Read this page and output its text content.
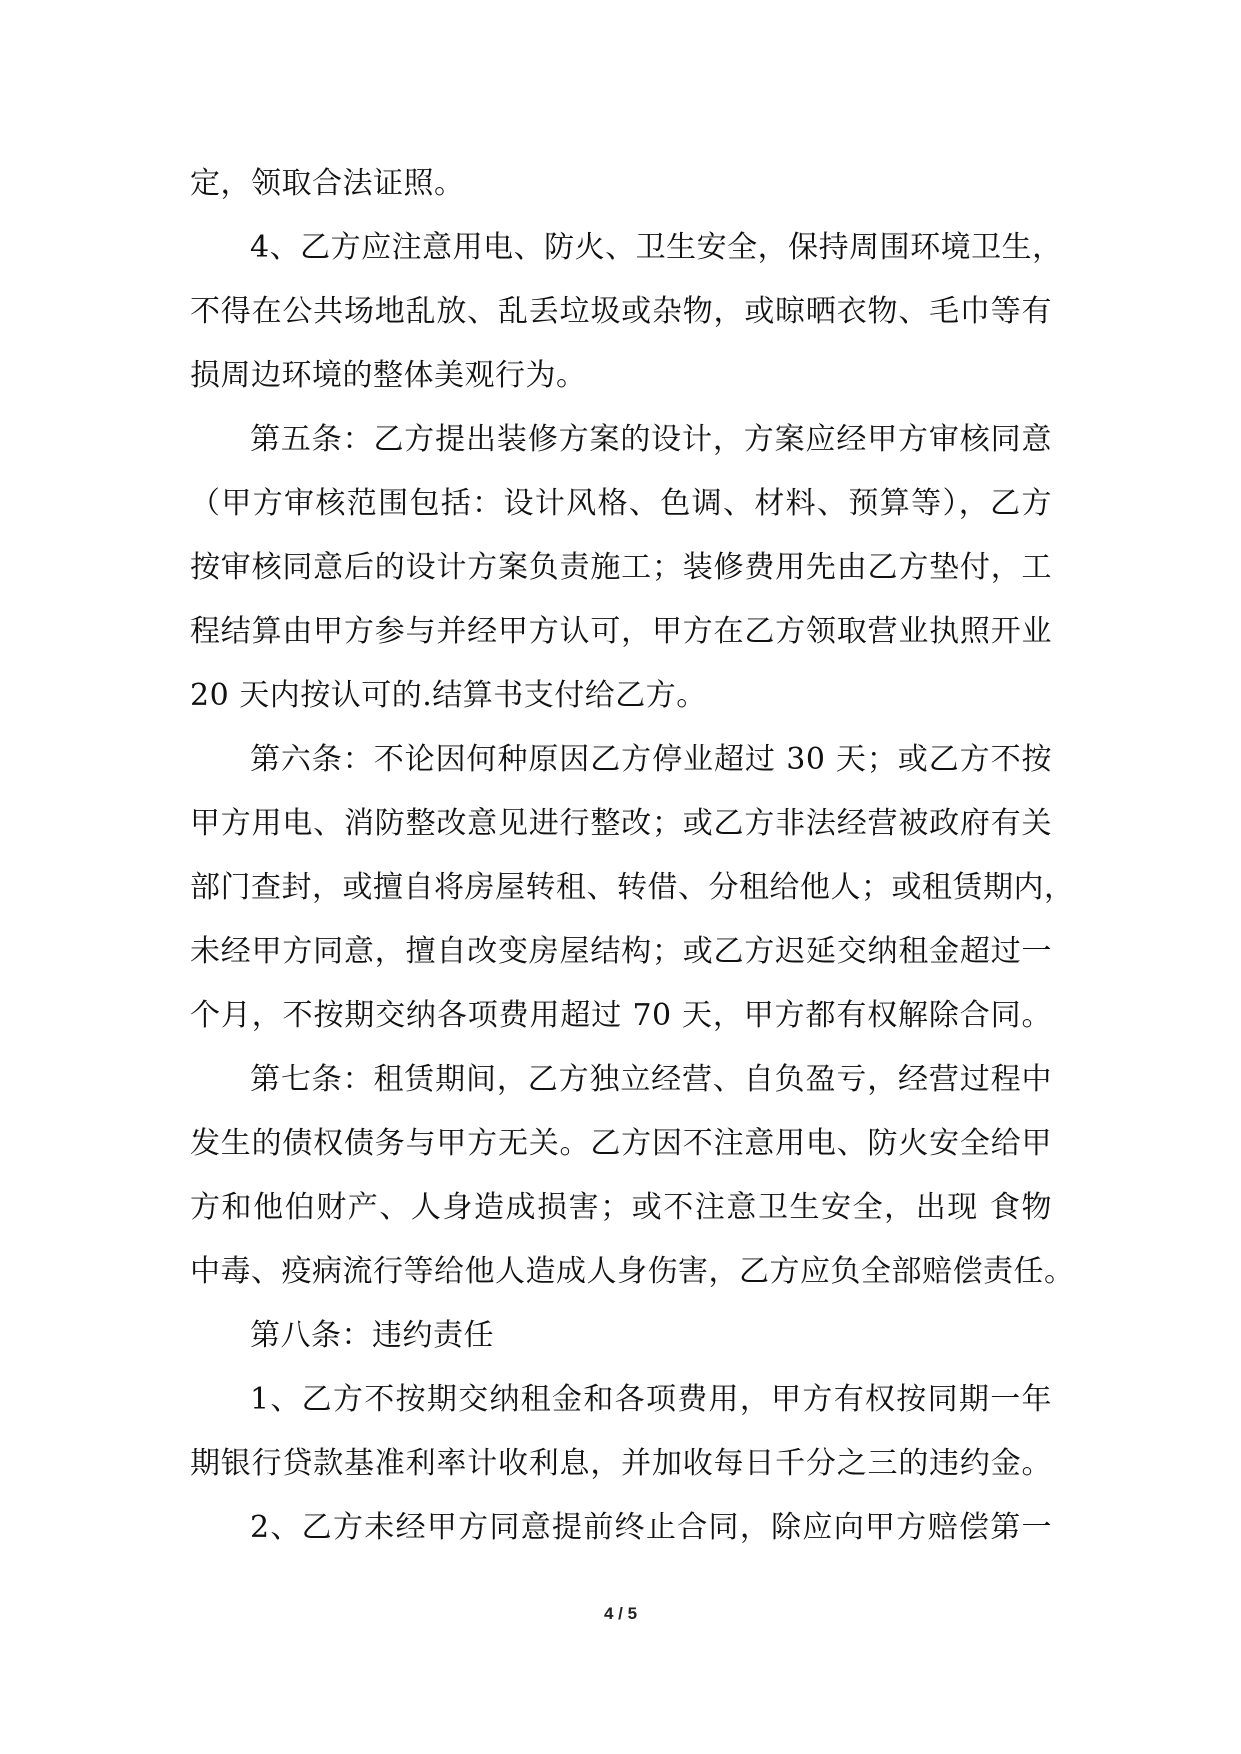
定，领取合法证照。
4、乙方应注意用电、防火、卫生安全，保持周围环境卫生，
不得在公共场地乱放、乱丢垃圾或杂物，或晾晒衣物、毛巾等有
损周边环境的整体美观行为。
第五条：乙方提出装修方案的设计，方案应经甲方审核同意
（甲方审核范围包括：设计风格、色调、材料、预算等），乙方
按审核同意后的设计方案负责施工；装修费用先由乙方垫付，工
程结算由甲方参与并经甲方认可，甲方在乙方领取营业执照开业
20 天内按认可的.结算书支付给乙方。
第六条：不论因何种原因乙方停业超过 30 天；或乙方不按
甲方用电、消防整改意见进行整改；或乙方非法经营被政府有关
部门查封，或擅自将房屋转租、转借、分租给他人；或租赁期内，
未经甲方同意，擅自改变房屋结构；或乙方迟延交纳租金超过一
个月，不按期交纳各项费用超过 70 天，甲方都有权解除合同。
第七条：租赁期间，乙方独立经营、自负盈亏，经营过程中
发生的债权债务与甲方无关。乙方因不注意用电、防火安全给甲
方和他伯财产、人身造成损害；或不注意卫生安全，出现 食物
中毒、疫病流行等给他人造成人身伤害，乙方应负全部赔偿责任。
第八条：违约责任
1、乙方不按期交纳租金和各项费用，甲方有权按同期一年
期银行贷款基准利率计收利息，并加收每日千分之三的违约金。
2、乙方未经甲方同意提前终止合同，除应向甲方赔偿第一
4 / 5
